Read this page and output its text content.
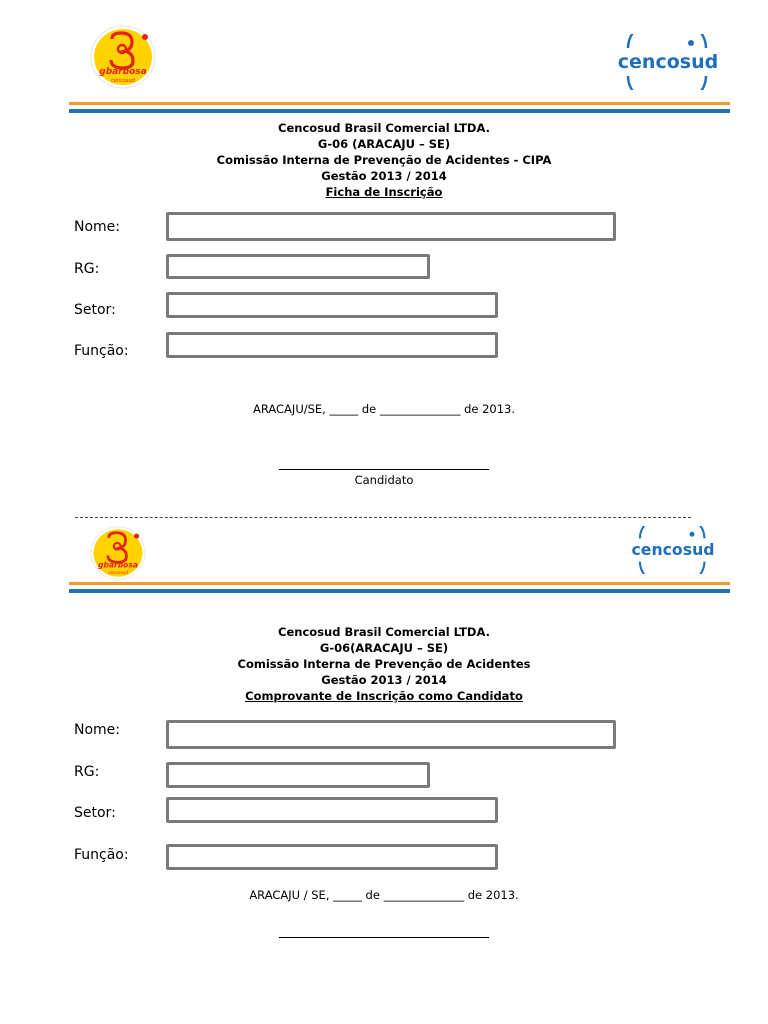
gbarbosa
cencosud
cencosud
Cencosud Brasil Comercial LTDA.
G-06 (ARACAJU – SE)
Comissão Interna de Prevenção de Acidentes - CIPA
Gestão 2013 / 2014
Ficha de Inscrição
Nome:
RG:
Setor:
Função:
ARACAJU/SE, _____ de ______________ de 2013.
Candidato
gbarbosa
cencosud
cencosud
Cencosud Brasil Comercial LTDA.
G-06(ARACAJU – SE)
Comissão Interna de Prevenção de Acidentes
Gestão 2013 / 2014
Comprovante de Inscrição como Candidato
Nome:
RG:
Setor:
Função:
ARACAJU / SE, _____ de ______________ de 2013.
